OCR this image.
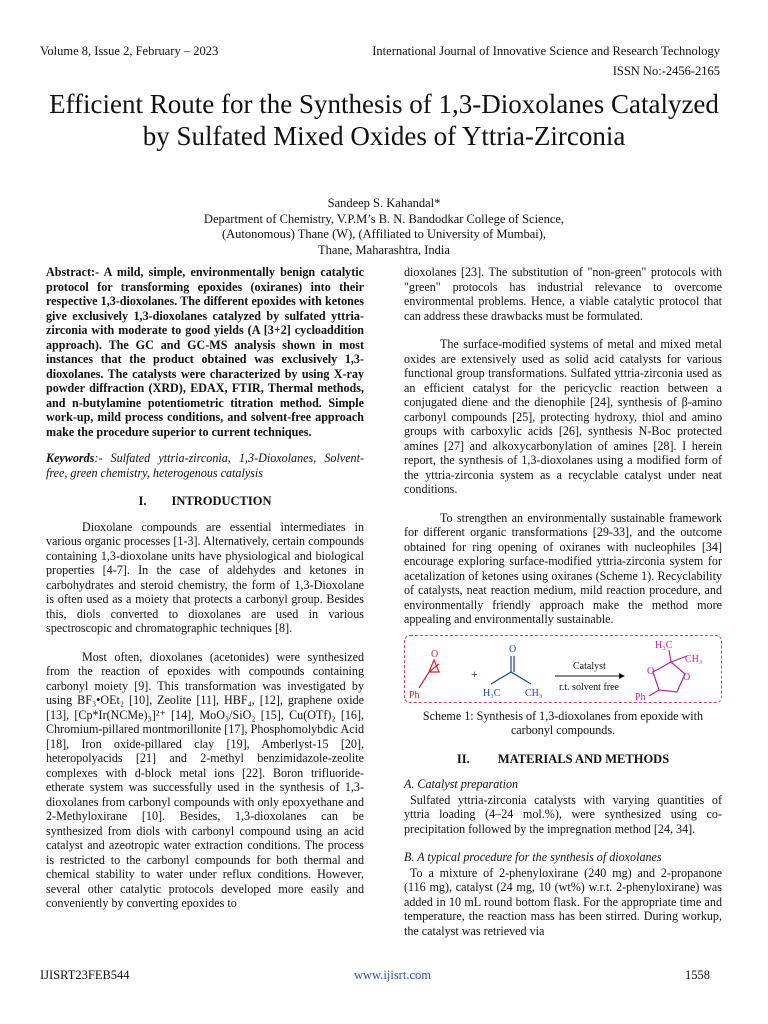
Volume 8, Issue 2, February – 2023	International Journal of Innovative Science and Research Technology
ISSN No:-2456-2165
Efficient Route for the Synthesis of 1,3-Dioxolanes Catalyzed by Sulfated Mixed Oxides of Yttria-Zirconia
Sandeep S. Kahandal*
Department of Chemistry, V.P.M’s B. N. Bandodkar College of Science,
(Autonomous) Thane (W), (Affiliated to University of Mumbai),
Thane, Maharashtra, India

Abstract:- A mild, simple, environmentally benign catalytic protocol for transforming epoxides (oxiranes) into their respective 1,3-dioxolanes. The different epoxides with ketones give exclusively 1,3-dioxolanes catalyzed by sulfated yttria-zirconia with moderate to good yields (A [3+2] cycloaddition approach). The GC and GC-MS analysis shown in most instances that the product obtained was exclusively 1,3-dioxolanes. The catalysts were characterized by using X-ray powder diffraction (XRD), EDAX, FTIR, Thermal methods, and n-butylamine potentiometric titration method. Simple work-up, mild process conditions, and solvent-free approach make the procedure superior to current techniques.

Keywords:- Sulfated yttria-zirconia, 1,3-Dioxolanes, Solvent-free, green chemistry, heterogenous catalysis

I. INTRODUCTION

Dioxolane compounds are essential intermediates in various organic processes [1-3]. Alternatively, certain compounds containing 1,3-dioxolane units have physiological and biological properties [4-7]. In the case of aldehydes and ketones in carbohydrates and steroid chemistry, the form of 1,3-Dioxolane is often used as a moiety that protects a carbonyl group. Besides this, diols converted to dioxolanes are used in various spectroscopic and chromatographic techniques [8].

Most often, dioxolanes (acetonides) were synthesized from the reaction of epoxides with compounds containing carbonyl moiety [9]. This transformation was investigated by using BF₃•OEt₂ [10], Zeolite [11], HBF₄, [12], graphene oxide [13], [Cp*Ir(NCMe)₃]²⁺ [14], MoO₃/SiO₂ [15], Cu(OTf)₂ [16], Chromium-pillared montmorillonite [17], Phosphomolybdic Acid [18], Iron oxide-pillared clay [19], Amberlyst-15 [20], heteropolyacids [21] and 2-methyl benzimidazole-zeolite complexes with d-block metal ions [22]. Boron trifluoride-etherate system was successfully used in the synthesis of 1,3-dioxolanes from carbonyl compounds with only epoxyethane and 2-Methyloxirane [10]. Besides, 1,3-dioxolanes can be synthesized from diols with carbonyl compound using an acid catalyst and azeotropic water extraction conditions. The process is restricted to the carbonyl compounds for both thermal and chemical stability to water under reflux conditions. However, several other catalytic protocols developed more easily and conveniently by converting epoxides to

dioxolanes [23]. The substitution of "non-green" protocols with "green" protocols has industrial relevance to overcome environmental problems. Hence, a viable catalytic protocol that can address these drawbacks must be formulated.

The surface-modified systems of metal and mixed metal oxides are extensively used as solid acid catalysts for various functional group transformations. Sulfated yttria-zirconia used as an efficient catalyst for the pericyclic reaction between a conjugated diene and the dienophile [24], synthesis of β-amino carbonyl compounds [25], protecting hydroxy, thiol and amino groups with carboxylic acids [26], synthesis N-Boc protected amines [27] and alkoxycarbonylation of amines [28]. I herein report, the synthesis of 1,3-dioxolanes using a modified form of the yttria-zirconia system as a recyclable catalyst under neat conditions.

To strengthen an environmentally sustainable framework for different organic transformations [29-33], and the outcome obtained for ring opening of oxiranes with nucleophiles [34] encourage exploring surface-modified yttria-zirconia system for acetalization of ketones using oxiranes (Scheme 1). Recyclability of catalysts, neat reaction medium, mild reaction procedure, and environmentally friendly approach make the method more appealing and environmentally sustainable.

O
Ph
+
O
H₃C CH₃
Catalyst
r.t. solvent free
H₃C
CH₃
O
O
Ph
Scheme 1: Synthesis of 1,3-dioxolanes from epoxide with carbonyl compounds.
II. MATERIALS AND METHODS
A. Catalyst preparation

Sulfated yttria-zirconia catalysts with varying quantities of yttria loading (4–24 mol.%), were synthesized using co-precipitation followed by the impregnation method [24, 34].

B. A typical procedure for the synthesis of dioxolanes

To a mixture of 2-phenyloxirane (240 mg) and 2-propanone (116 mg), catalyst (24 mg, 10 (wt%) w.r.t. 2-phenyloxirane) was added in 10 mL round bottom flask. For the appropriate time and temperature, the reaction mass has been stirred. During workup, the catalyst was retrieved via

IJISRT23FEB544	www.ijisrt.com	1558
